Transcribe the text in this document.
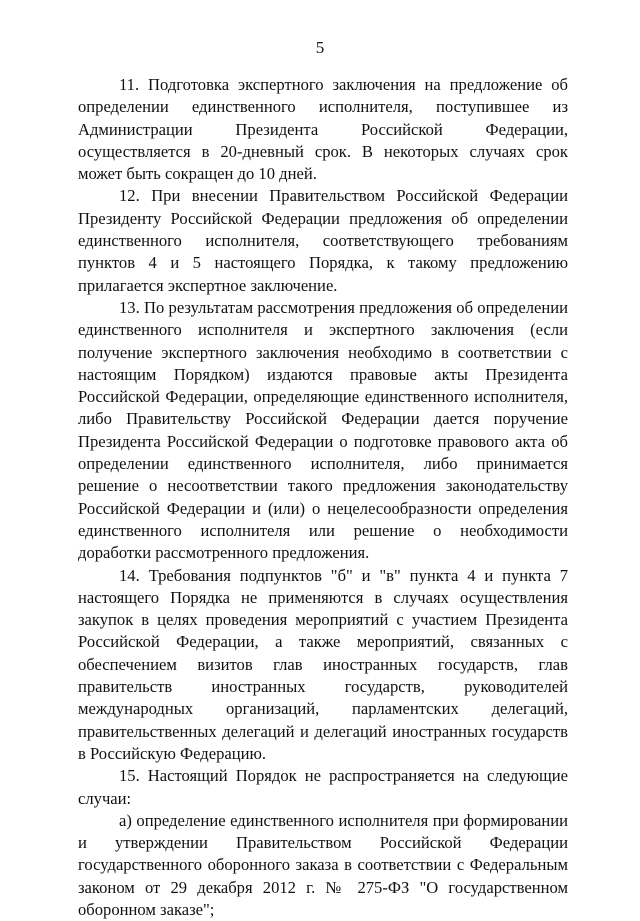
5

11. Подготовка экспертного заключения на предложение об определении единственного исполнителя, поступившее из Администрации Президента Российской Федерации, осуществляется в 20-дневный срок. В некоторых случаях срок может быть сокращен до 10 дней.

12. При внесении Правительством Российской Федерации Президенту Российской Федерации предложения об определении единственного исполнителя, соответствующего требованиям пунктов 4 и 5 настоящего Порядка, к такому предложению прилагается экспертное заключение.

13. По результатам рассмотрения предложения об определении единственного исполнителя и экспертного заключения (если получение экспертного заключения необходимо в соответствии с настоящим Порядком) издаются правовые акты Президента Российской Федерации, определяющие единственного исполнителя, либо Правительству Российской Федерации дается поручение Президента Российской Федерации о подготовке правового акта об определении единственного исполнителя, либо принимается решение о несоответствии такого предложения законодательству Российской Федерации и (или) о нецелесообразности определения единственного исполнителя или решение о необходимости доработки рассмотренного предложения.

14. Требования подпунктов "б" и "в" пункта 4 и пункта 7 настоящего Порядка не применяются в случаях осуществления закупок в целях проведения мероприятий с участием Президента Российской Федерации, а также мероприятий, связанных с обеспечением визитов глав иностранных государств, глав правительств иностранных государств, руководителей международных организаций, парламентских делегаций, правительственных делегаций и делегаций иностранных государств в Российскую Федерацию.

15. Настоящий Порядок не распространяется на следующие случаи:

а) определение единственного исполнителя при формировании и утверждении Правительством Российской Федерации государственного оборонного заказа в соответствии с Федеральным законом от 29 декабря 2012 г. № 275-ФЗ "О государственном оборонном заказе";
